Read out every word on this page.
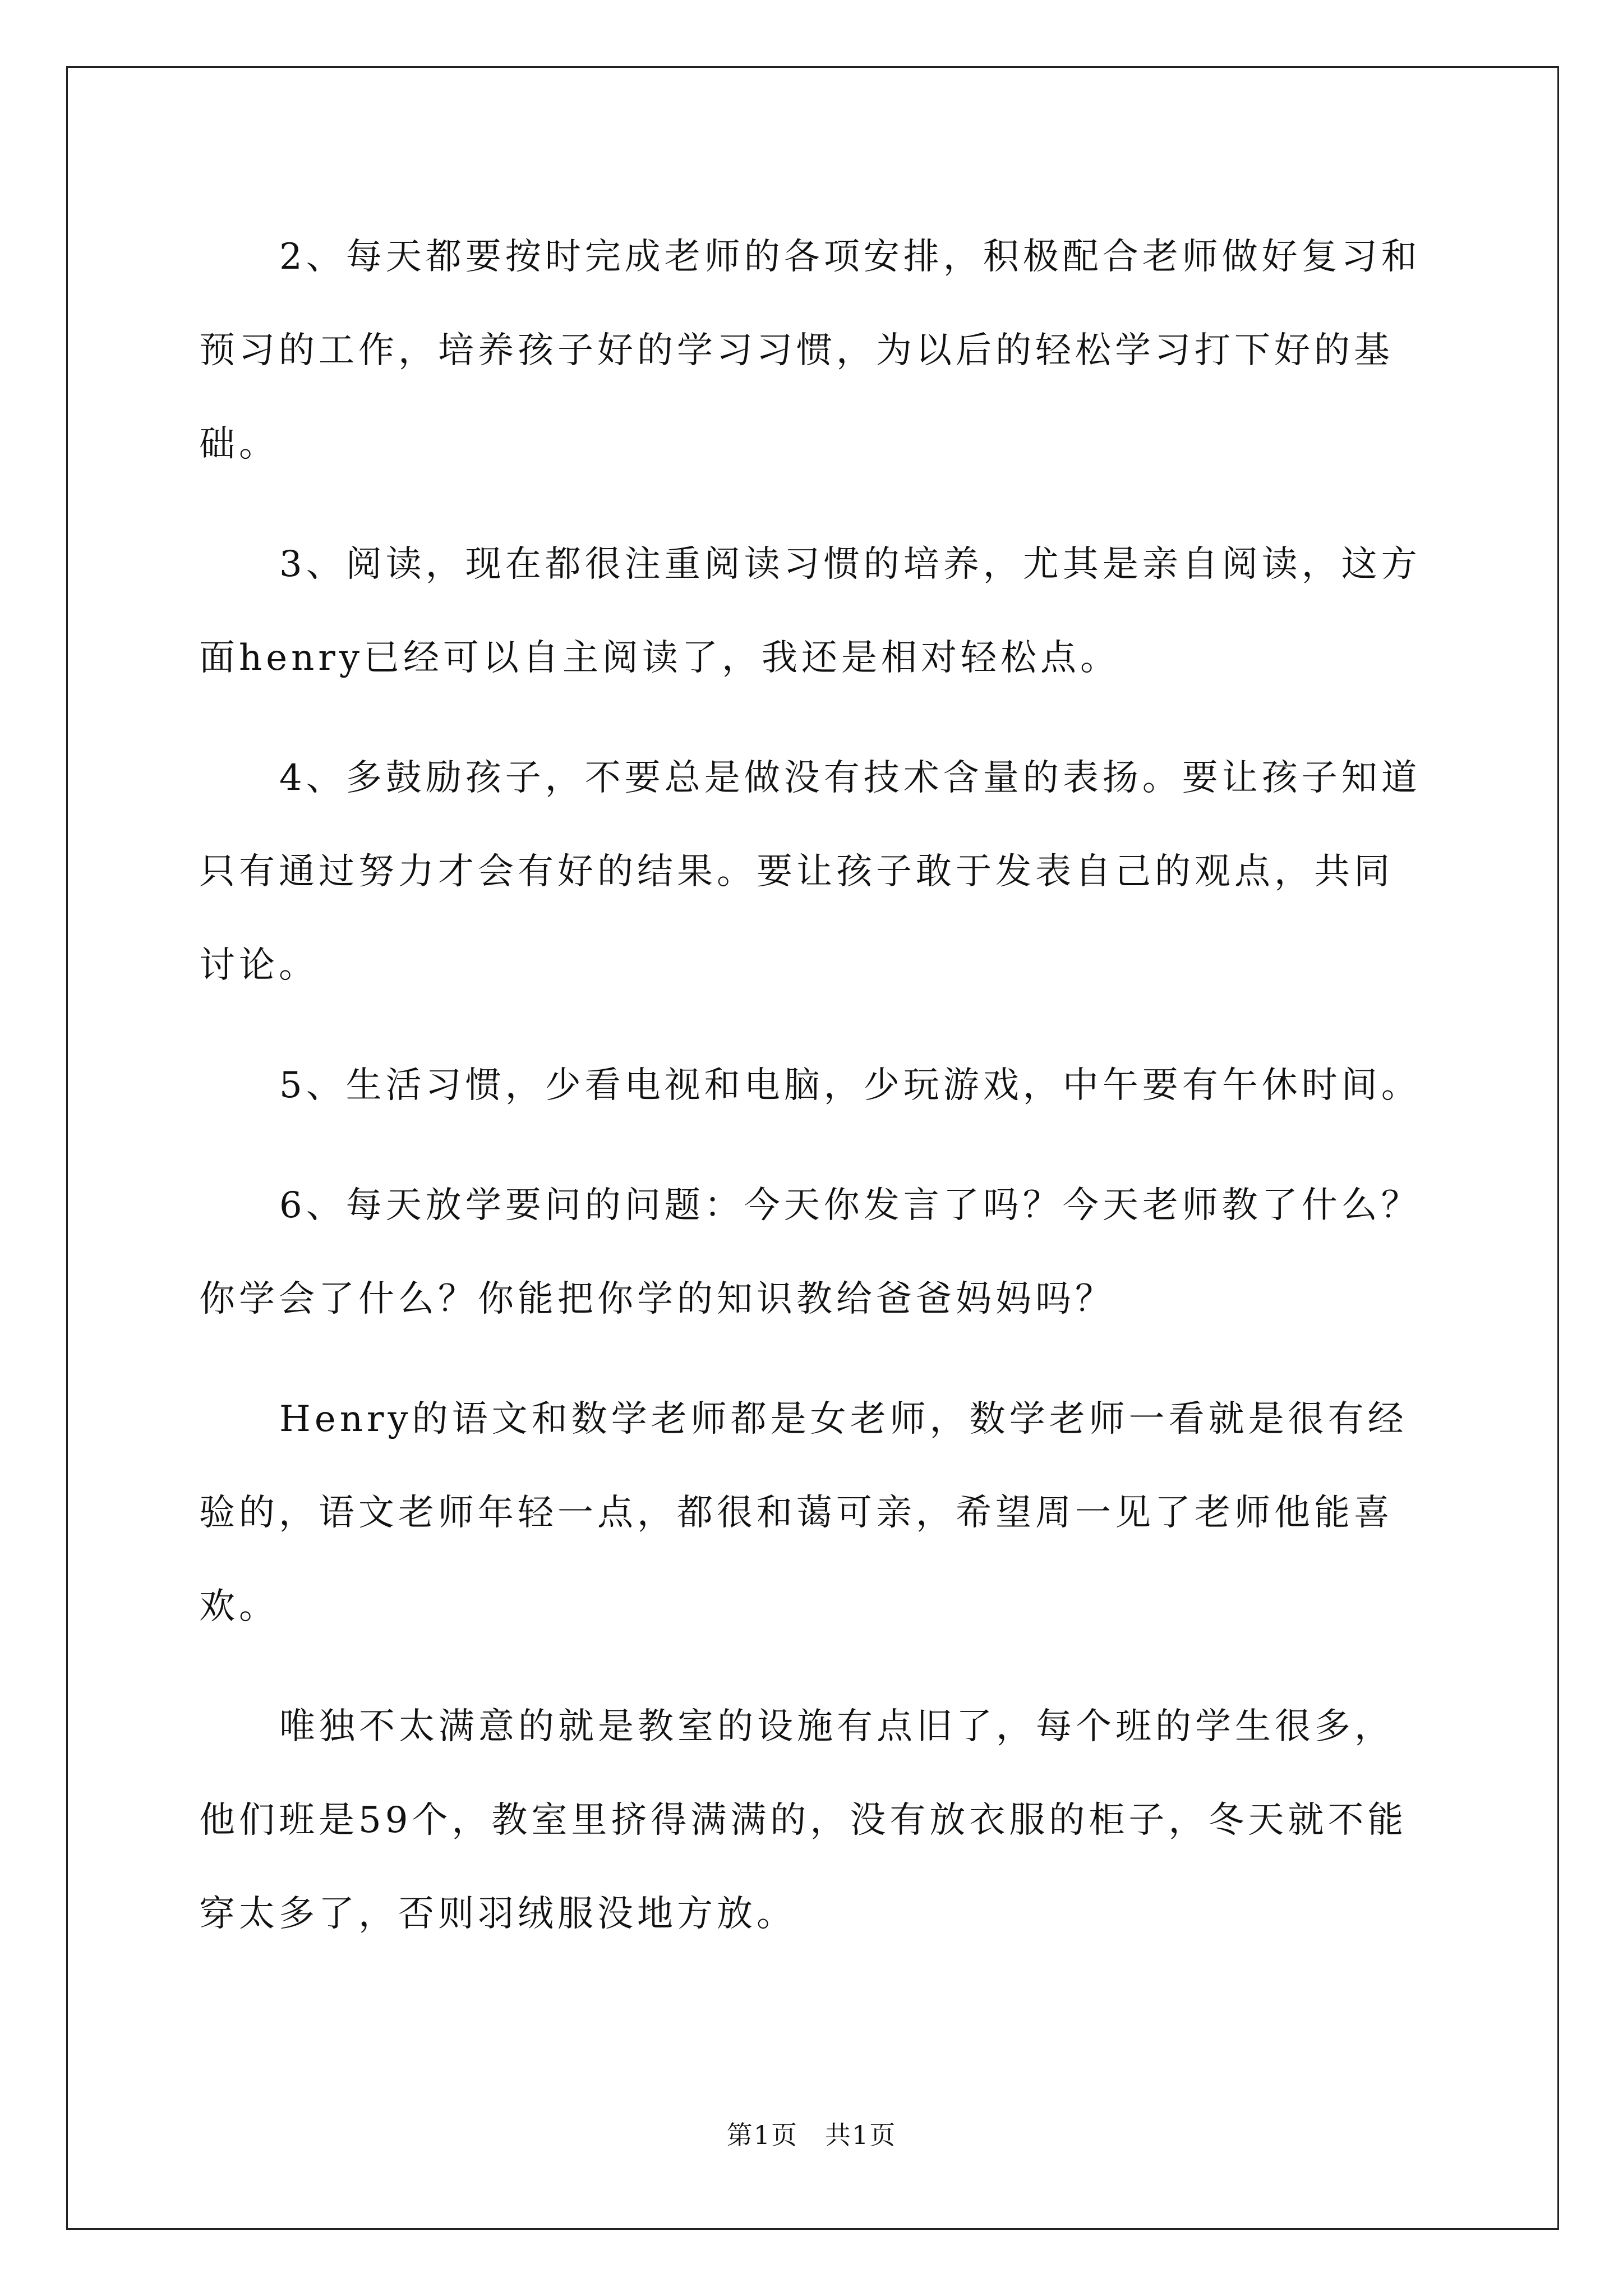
2、每天都要按时完成老师的各项安排，积极配合老师做好复习和预习的工作，培养孩子好的学习习惯，为以后的轻松学习打下好的基础。

3、阅读，现在都很注重阅读习惯的培养，尤其是亲自阅读，这方面henry已经可以自主阅读了，我还是相对轻松点。

4、多鼓励孩子，不要总是做没有技术含量的表扬。要让孩子知道只有通过努力才会有好的结果。要让孩子敢于发表自己的观点，共同讨论。

5、生活习惯，少看电视和电脑，少玩游戏，中午要有午休时间。

6、每天放学要问的问题：今天你发言了吗？今天老师教了什么？你学会了什么？你能把你学的知识教给爸爸妈妈吗？

Henry的语文和数学老师都是女老师，数学老师一看就是很有经验的，语文老师年轻一点，都很和蔼可亲，希望周一见了老师他能喜欢。

唯独不太满意的就是教室的设施有点旧了，每个班的学生很多，他们班是59个，教室里挤得满满的，没有放衣服的柜子，冬天就不能穿太多了，否则羽绒服没地方放。

第1页 共1页
